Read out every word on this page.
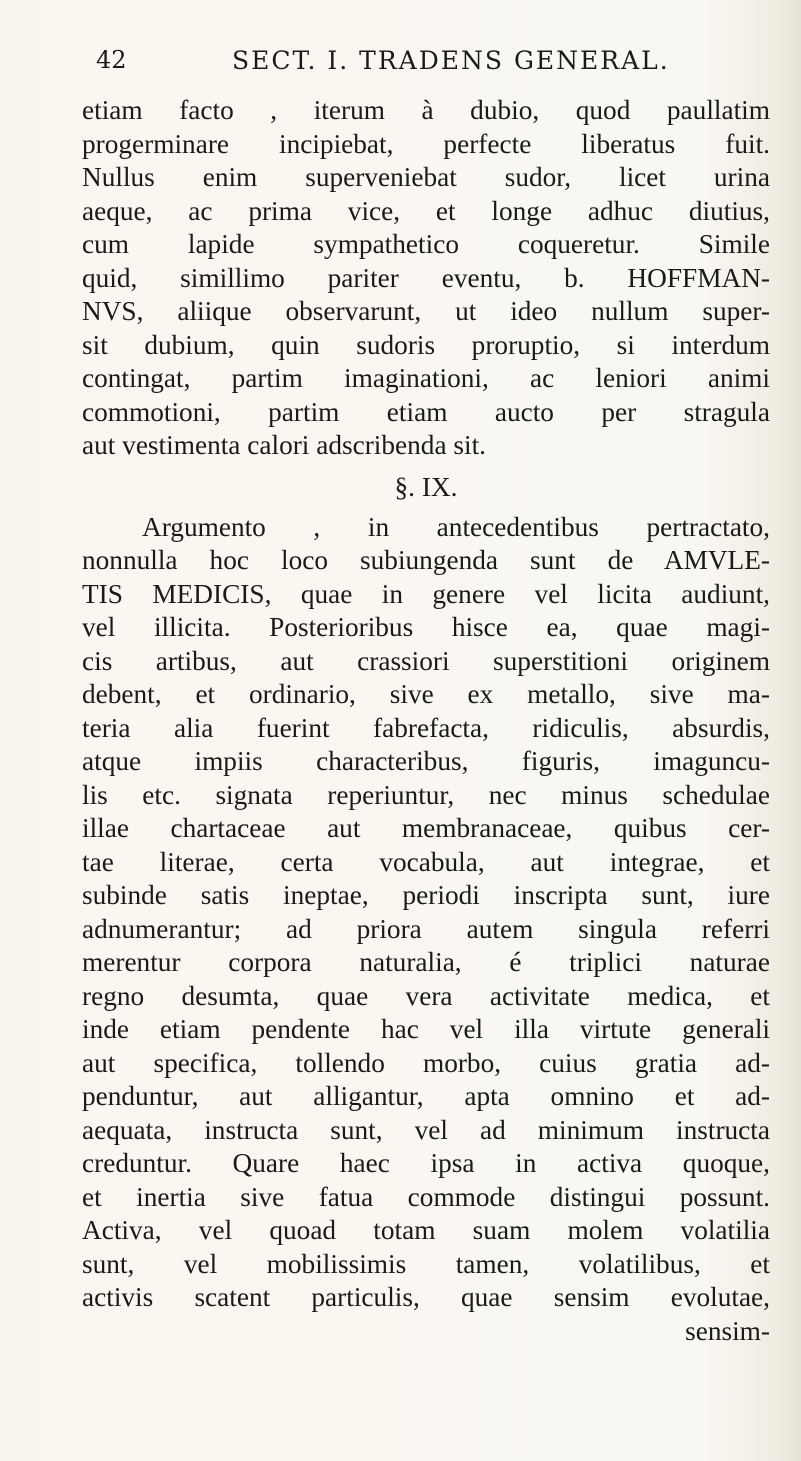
42	SECT. I. TRADENS GENERAL.
etiam facto , iterum à dubio, quod paullatim
progerminare incipiebat, perfecte liberatus fuit.
Nullus enim superveniebat sudor, licet urina
aeque, ac prima vice, et longe adhuc diutius,
cum lapide sympathetico coqueretur. Simile
quid, simillimo pariter eventu, b. HOFFMAN-
NVS, aliique observarunt, ut ideo nullum super-
sit dubium, quin sudoris proruptio, si interdum
contingat, partim imaginationi, ac leniori animi
commotioni, partim etiam aucto per stragula
aut vestimenta calori adscribenda sit.
§. IX.
Argumento , in antecedentibus pertractato,
nonnulla hoc loco subiungenda sunt de AMVLE-
TIS MEDICIS, quae in genere vel licita audiunt,
vel illicita. Posterioribus hisce ea, quae magi-
cis artibus, aut crassiori superstitioni originem
debent, et ordinario, sive ex metallo, sive ma-
teria alia fuerint fabrefacta, ridiculis, absurdis,
atque impiis characteribus, figuris, imaguncu-
lis etc. signata reperiuntur, nec minus schedulae
illae chartaceae aut membranaceae, quibus cer-
tae literae, certa vocabula, aut integrae, et
subinde satis ineptae, periodi inscripta sunt, iure
adnumerantur; ad priora autem singula referri
merentur corpora naturalia, é triplici naturae
regno desumta, quae vera activitate medica, et
inde etiam pendente hac vel illa virtute generali
aut specifica, tollendo morbo, cuius gratia ad-
penduntur, aut alligantur, apta omnino et ad-
aequata, instructa sunt, vel ad minimum instructa
creduntur. Quare haec ipsa in activa quoque,
et inertia sive fatua commode distingui possunt.
Activa, vel quoad totam suam molem volatilia
sunt, vel mobilissimis tamen, volatilibus, et
activis scatent particulis, quae sensim evolutae,
sensim-
